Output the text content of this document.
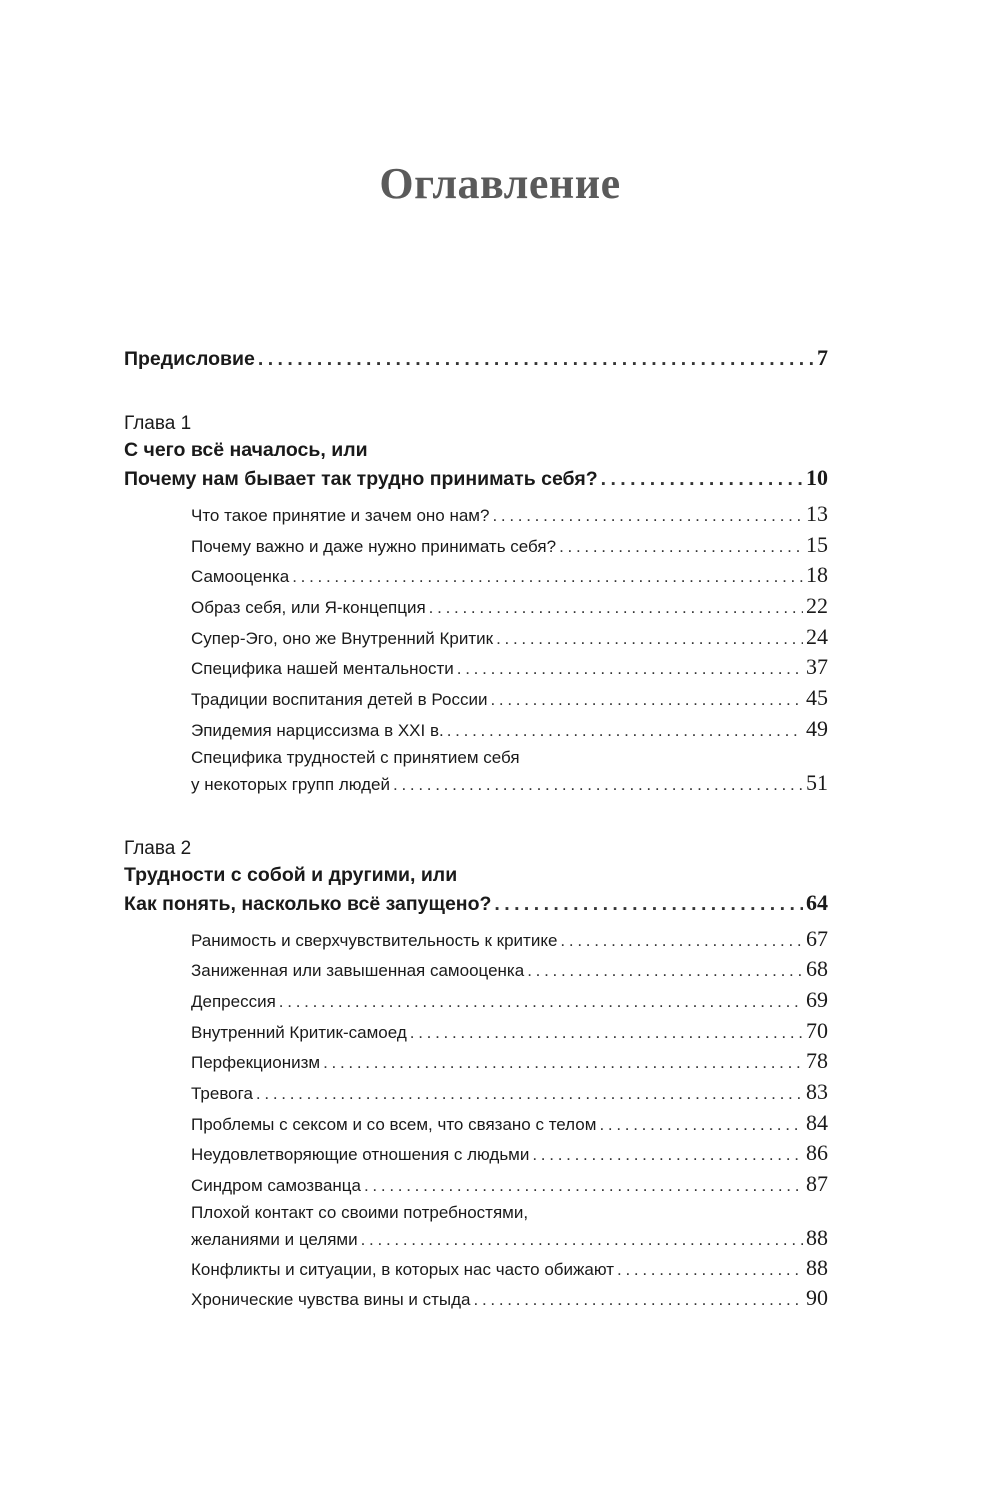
Оглавление
Предисловие . . .	7
Глава 1
С чего всё началось, или
Почему нам бывает так трудно принимать себя? . . .	10
Что такое принятие и зачем оно нам? . . .	13
Почему важно и даже нужно принимать себя? . . .	15
Самооценка . . .	18
Образ себя, или Я-концепция . . .	22
Супер-Эго, оно же Внутренний Критик . . .	24
Специфика нашей ментальности . . .	37
Традиции воспитания детей в России . . .	45
Эпидемия нарциссизма в XXI в. . . .	49
Специфика трудностей с принятием себя
у некоторых групп людей . . .	51
Глава 2
Трудности с собой и другими, или
Как понять, насколько всё запущено? . . .	64
Ранимость и сверхчувствительность к критике . . .	67
Заниженная или завышенная самооценка . . .	68
Депрессия . . .	69
Внутренний Критик-самоед . . .	70
Перфекционизм . . .	78
Тревога . . .	83
Проблемы с сексом и со всем, что связано с телом . . .	84
Неудовлетворяющие отношения с людьми . . .	86
Синдром самозванца . . .	87
Плохой контакт со своими потребностями,
желаниями и целями . . .	88
Конфликты и ситуации, в которых нас часто обижают . . .	88
Хронические чувства вины и стыда . . .	90
